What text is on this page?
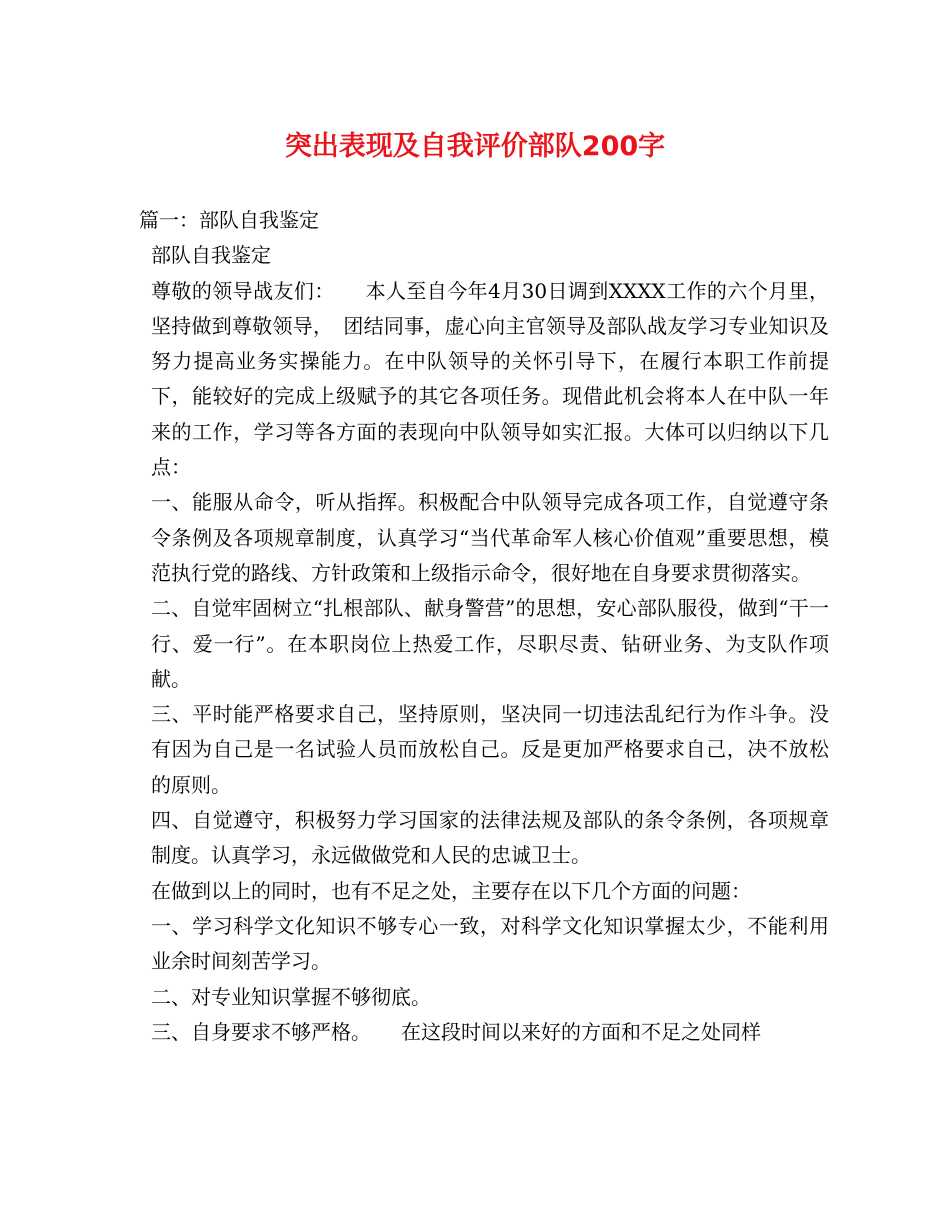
突出表现及自我评价部队200字

篇一：部队自我鉴定

部队自我鉴定

尊敬的领导战友们：　　本人至自今年4月30日调到XXXX工作的六个月里，坚持做到尊敬领导，　团结同事，虚心向主官领导及部队战友学习专业知识及努力提高业务实操能力。在中队领导的关怀引导下，在履行本职工作前提下，能较好的完成上级赋予的其它各项任务。现借此机会将本人在中队一年来的工作，学习等各方面的表现向中队领导如实汇报。大体可以归纳以下几点：

一、能服从命令，听从指挥。积极配合中队领导完成各项工作，自觉遵守条令条例及各项规章制度，认真学习“当代革命军人核心价值观”重要思想，模范执行党的路线、方针政策和上级指示命令，很好地在自身要求贯彻落实。

二、自觉牢固树立“扎根部队、献身警营”的思想，安心部队服役，做到“干一行、爱一行”。在本职岗位上热爱工作，尽职尽责、钻研业务、为支队作项献。

三、平时能严格要求自己，坚持原则，坚决同一切违法乱纪行为作斗争。没有因为自己是一名试验人员而放松自己。反是更加严格要求自己，决不放松的原则。

四、自觉遵守，积极努力学习国家的法律法规及部队的条令条例，各项规章制度。认真学习，永远做做党和人民的忠诚卫士。

在做到以上的同时，也有不足之处，主要存在以下几个方面的问题：

一、学习科学文化知识不够专心一致，对科学文化知识掌握太少，不能利用业余时间刻苦学习。

二、对专业知识掌握不够彻底。

三、自身要求不够严格。　　在这段时间以来好的方面和不足之处同样
